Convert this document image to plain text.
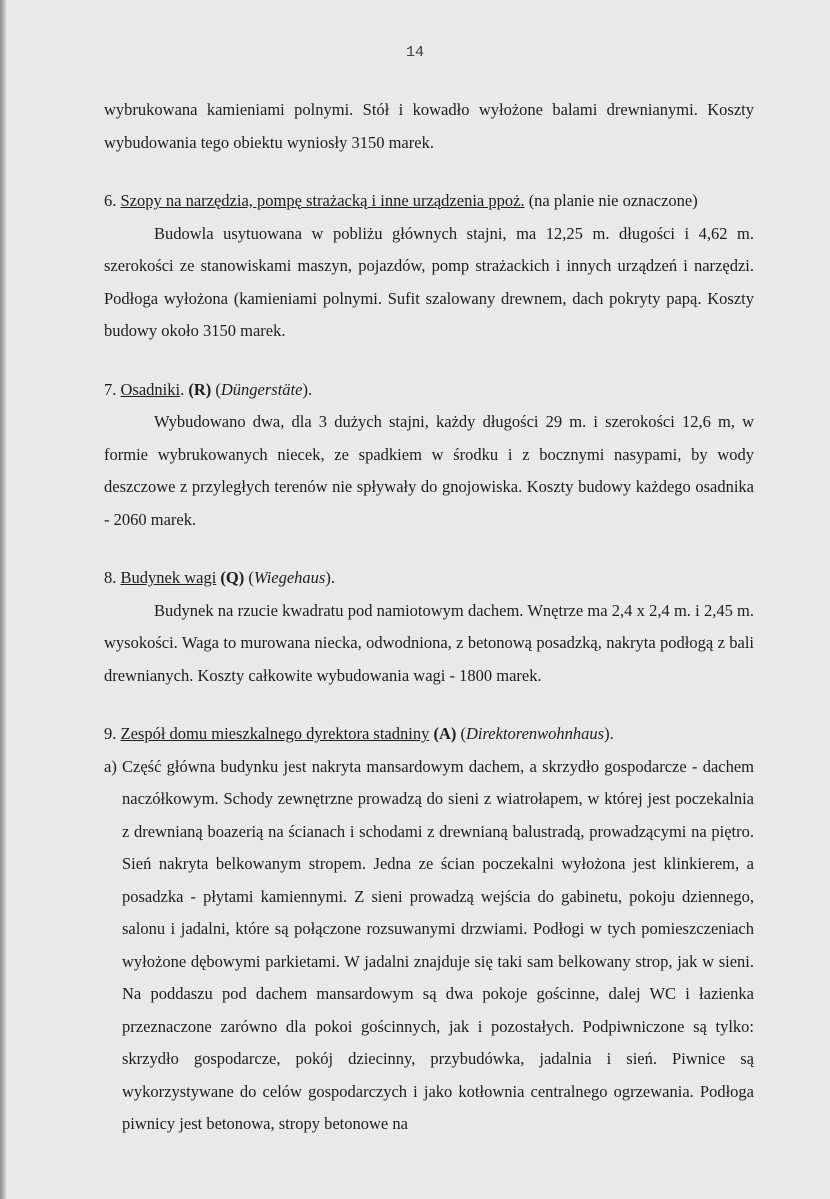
14

wybrukowana kamieniami polnymi. Stół i kowadło wyłożone balami drewnianymi. Koszty wybudowania tego obiektu wyniosły 3150 marek.

6. Szopy na narzędzia, pompę strażacką i inne urządzenia ppoż. (na planie nie oznaczone)

Budowla usytuowana w pobliżu głównych stajni, ma 12,25 m. długości i 4,62 m. szerokości ze stanowiskami maszyn, pojazdów, pomp strażackich i innych urządzeń i narzędzi. Podłoga wyłożona (kamieniami polnymi. Sufit szalowany drewnem, dach pokryty papą. Koszty budowy około 3150 marek.

7. Osadniki. (R) (Düngerstäte).

Wybudowano dwa, dla 3 dużych stajni, każdy długości 29 m. i szerokości 12,6 m, w formie wybrukowanych niecek, ze spadkiem w środku i z bocznymi nasypami, by wody deszczowe z przyległych terenów nie spływały do gnojowiska. Koszty budowy każdego osadnika - 2060 marek.

8. Budynek wagi (Q) (Wiegehaus).

Budynek na rzucie kwadratu pod namiotowym dachem. Wnętrze ma 2,4 x 2,4 m. i 2,45 m. wysokości. Waga to murowana niecka, odwodniona, z betonową posadzką, nakryta podłogą z bali drewnianych. Koszty całkowite wybudowania wagi - 1800 marek.

9. Zespół domu mieszkalnego dyrektora stadniny (A) (Direktorenwohnhaus).

a) Część główna budynku jest nakryta mansardowym dachem, a skrzydło gospodarcze - dachem naczółkowym. Schody zewnętrzne prowadzą do sieni z wiatrołapem, w której jest poczekalnia z drewnianą boazerią na ścianach i schodami z drewnianą balustradą, prowadzącymi na piętro. Sień nakryta belkowanym stropem. Jedna ze ścian poczekalni wyłożona jest klinkierem, a posadzka - płytami kamiennymi. Z sieni prowadzą wejścia do gabinetu, pokoju dziennego, salonu i jadalni, które są połączone rozsuwanymi drzwiami. Podłogi w tych pomieszczeniach wyłożone dębowymi parkietami. W jadalni znajduje się taki sam belkowany strop, jak w sieni. Na poddaszu pod dachem mansardowym są dwa pokoje gościnne, dalej WC i łazienka przeznaczone zarówno dla pokoi gościnnych, jak i pozostałych. Podpiwniczone są tylko: skrzydło gospodarcze, pokój dziecinny, przybudówka, jadalnia i sień. Piwnice są wykorzystywane do celów gospodarczych i jako kotłownia centralnego ogrzewania. Podłoga piwnicy jest betonowa, stropy betonowe na
